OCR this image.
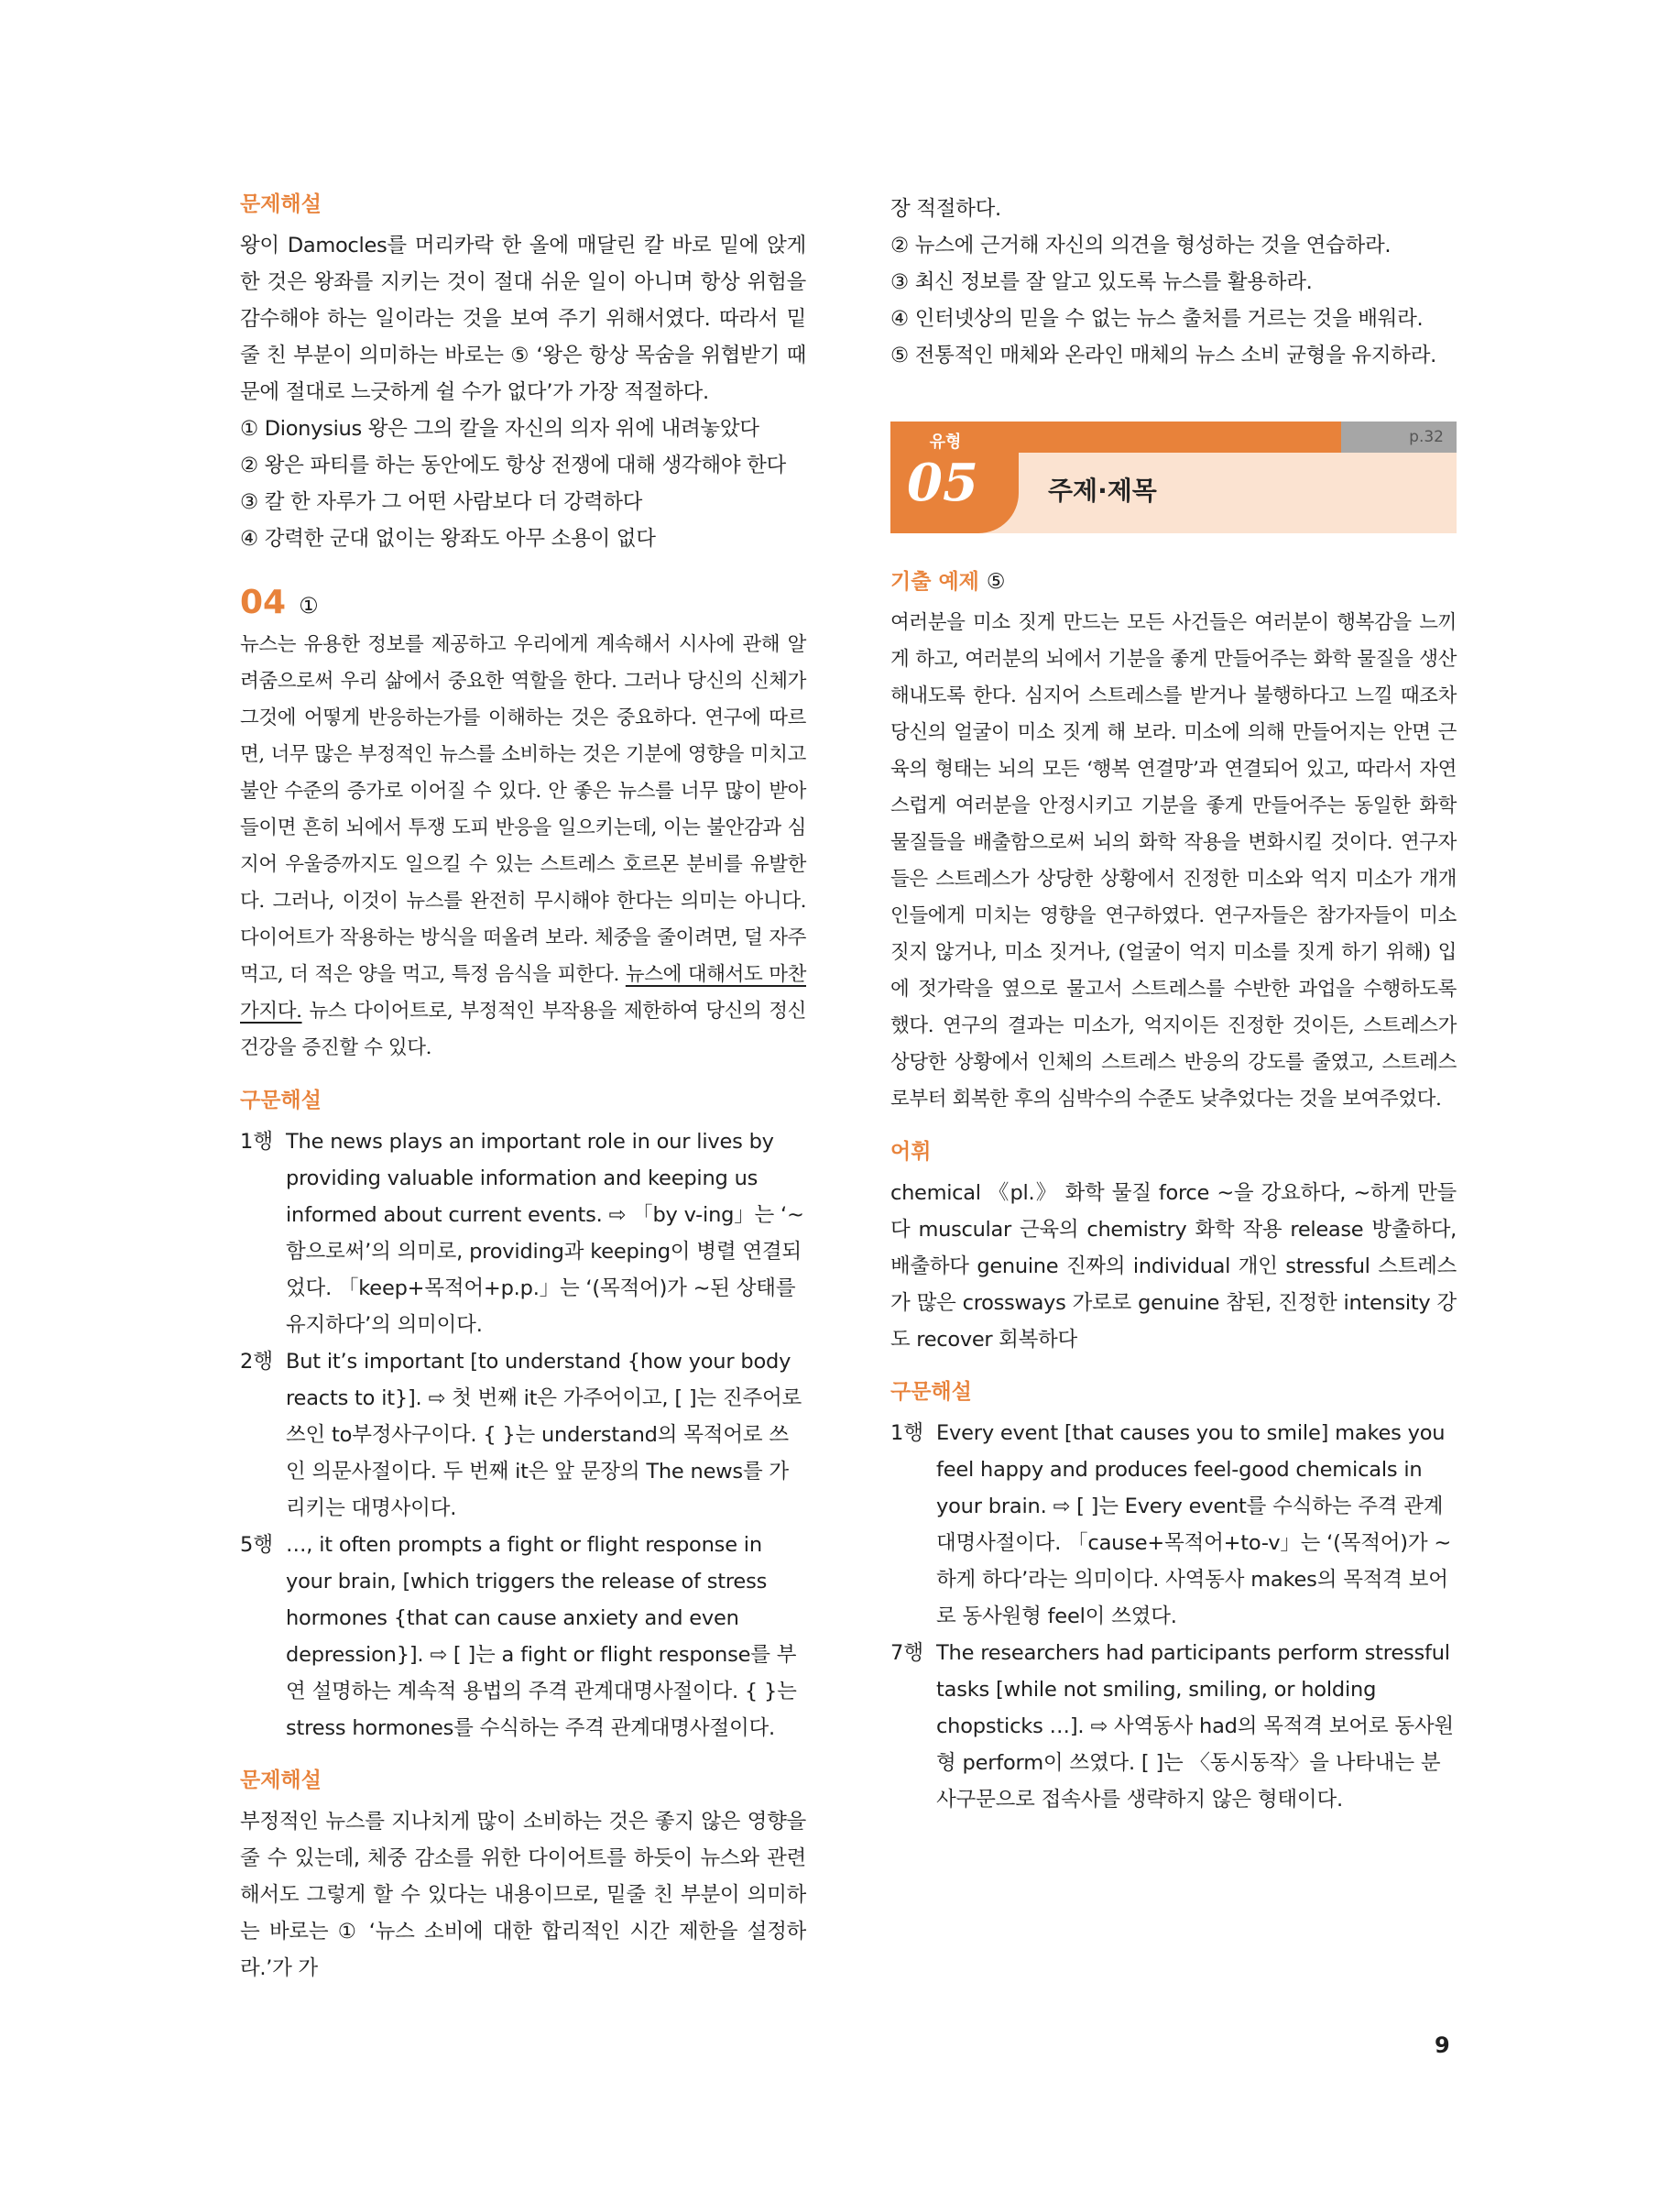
문제해설

왕이 Damocles를 머리카락 한 올에 매달린 칼 바로 밑에 앉게 한 것은 왕좌를 지키는 것이 절대 쉬운 일이 아니며 항상 위험을 감수해야 하는 일이라는 것을 보여 주기 위해서였다. 따라서 밑줄 친 부분이 의미하는 바로는 ⑤ ‘왕은 항상 목숨을 위협받기 때문에 절대로 느긋하게 쉴 수가 없다’가 가장 적절하다.

① Dionysius 왕은 그의 칼을 자신의 의자 위에 내려놓았다

② 왕은 파티를 하는 동안에도 항상 전쟁에 대해 생각해야 한다

③ 칼 한 자루가 그 어떤 사람보다 더 강력하다

④ 강력한 군대 없이는 왕좌도 아무 소용이 없다

04 ①

뉴스는 유용한 정보를 제공하고 우리에게 계속해서 시사에 관해 알려줌으로써 우리 삶에서 중요한 역할을 한다. 그러나 당신의 신체가 그것에 어떻게 반응하는가를 이해하는 것은 중요하다. 연구에 따르면, 너무 많은 부정적인 뉴스를 소비하는 것은 기분에 영향을 미치고 불안 수준의 증가로 이어질 수 있다. 안 좋은 뉴스를 너무 많이 받아들이면 흔히 뇌에서 투쟁 도피 반응을 일으키는데, 이는 불안감과 심지어 우울증까지도 일으킬 수 있는 스트레스 호르몬 분비를 유발한다. 그러나, 이것이 뉴스를 완전히 무시해야 한다는 의미는 아니다. 다이어트가 작용하는 방식을 떠올려 보라. 체중을 줄이려면, 덜 자주 먹고, 더 적은 양을 먹고, 특정 음식을 피한다. 뉴스에 대해서도 마찬가지다. 뉴스 다이어트로, 부정적인 부작용을 제한하여 당신의 정신 건강을 증진할 수 있다.

구문해설
1행 The news plays an important role in our lives by providing valuable information and keeping us informed about current events. ⇨ 「by v-ing」는 ‘~함으로써’의 의미로, providing과 keeping이 병렬 연결되었다. 「keep+목적어+p.p.」는 ‘(목적어)가 ~된 상태를 유지하다’의 의미이다.
2행 But it’s important [to understand {how your body reacts to it}]. ⇨ 첫 번째 it은 가주어이고, [ ]는 진주어로 쓰인 to부정사구이다. { }는 understand의 목적어로 쓰인 의문사절이다. 두 번째 it은 앞 문장의 The news를 가리키는 대명사이다.
5행 …, it often prompts a fight or flight response in your brain, [which triggers the release of stress hormones {that can cause anxiety and even depression}]. ⇨ [ ]는 a fight or flight response를 부연 설명하는 계속적 용법의 주격 관계대명사절이다. { }는 stress hormones를 수식하는 주격 관계대명사절이다.
문제해설

부정적인 뉴스를 지나치게 많이 소비하는 것은 좋지 않은 영향을 줄 수 있는데, 체중 감소를 위한 다이어트를 하듯이 뉴스와 관련해서도 그렇게 할 수 있다는 내용이므로, 밑줄 친 부분이 의미하는 바로는 ① ‘뉴스 소비에 대한 합리적인 시간 제한을 설정하라.’가 가

장 적절하다.

② 뉴스에 근거해 자신의 의견을 형성하는 것을 연습하라.

③ 최신 정보를 잘 알고 있도록 뉴스를 활용하라.

④ 인터넷상의 믿을 수 없는 뉴스 출처를 거르는 것을 배워라.

⑤ 전통적인 매체와 온라인 매체의 뉴스 소비 균형을 유지하라.

p.32
유형
05	주제·제목
기출 예제 ⑤

여러분을 미소 짓게 만드는 모든 사건들은 여러분이 행복감을 느끼게 하고, 여러분의 뇌에서 기분을 좋게 만들어주는 화학 물질을 생산해내도록 한다. 심지어 스트레스를 받거나 불행하다고 느낄 때조차 당신의 얼굴이 미소 짓게 해 보라. 미소에 의해 만들어지는 안면 근육의 형태는 뇌의 모든 ‘행복 연결망’과 연결되어 있고, 따라서 자연스럽게 여러분을 안정시키고 기분을 좋게 만들어주는 동일한 화학 물질들을 배출함으로써 뇌의 화학 작용을 변화시킬 것이다. 연구자들은 스트레스가 상당한 상황에서 진정한 미소와 억지 미소가 개개인들에게 미치는 영향을 연구하였다. 연구자들은 참가자들이 미소 짓지 않거나, 미소 짓거나, (얼굴이 억지 미소를 짓게 하기 위해) 입에 젓가락을 옆으로 물고서 스트레스를 수반한 과업을 수행하도록 했다. 연구의 결과는 미소가, 억지이든 진정한 것이든, 스트레스가 상당한 상황에서 인체의 스트레스 반응의 강도를 줄였고, 스트레스로부터 회복한 후의 심박수의 수준도 낮추었다는 것을 보여주었다.

어휘

chemical 《pl.》 화학 물질 force ~을 강요하다, ~하게 만들다 muscular 근육의 chemistry 화학 작용 release 방출하다, 배출하다 genuine 진짜의 individual 개인 stressful 스트레스가 많은 crossways 가로로 genuine 참된, 진정한 intensity 강도 recover 회복하다

구문해설
1행 Every event [that causes you to smile] makes you feel happy and produces feel-good chemicals in your brain. ⇨ [ ]는 Every event를 수식하는 주격 관계대명사절이다. 「cause+목적어+to-v」는 ‘(목적어)가 ~하게 하다’라는 의미이다. 사역동사 makes의 목적격 보어로 동사원형 feel이 쓰였다.
7행 The researchers had participants perform stressful tasks [while not smiling, smiling, or holding chopsticks …]. ⇨ 사역동사 had의 목적격 보어로 동사원형 perform이 쓰였다. [ ]는 〈동시동작〉을 나타내는 분사구문으로 접속사를 생략하지 않은 형태이다.
9
